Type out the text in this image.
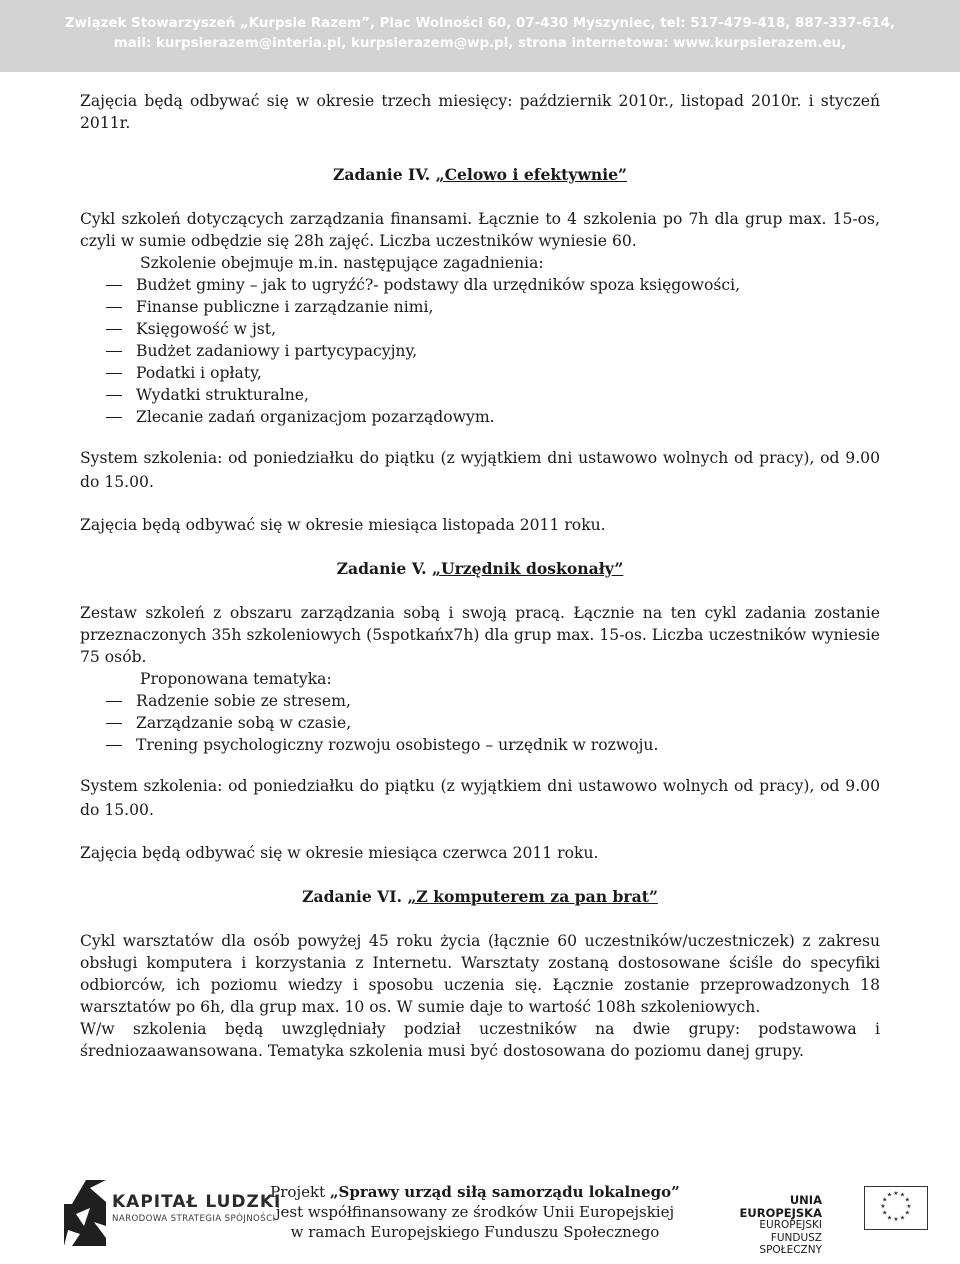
Związek Stowarzyszeń „Kurpsie Razem”, Plac Wolności 60, 07-430 Myszyniec, tel: 517-479-418, 887-337-614,
mail: kurpsierazem@interia.pl, kurpsierazem@wp.pl, strona internetowa: www.kurpsierazem.eu,
Zajęcia będą odbywać się w okresie trzech miesięcy: październik 2010r., listopad 2010r. i styczeń 2011r.
Zadanie IV. „Celowo i efektywnie”
Cykl szkoleń dotyczących zarządzania finansami. Łącznie to 4 szkolenia po 7h dla grup max. 15-os, czyli w sumie odbędzie się 28h zajęć. Liczba uczestników wyniesie 60.
Szkolenie obejmuje m.in. następujące zagadnienia:
Budżet gminy – jak to ugryźć?- podstawy dla urzędników spoza księgowości,
Finanse publiczne i zarządzanie nimi,
Księgowość w jst,
Budżet zadaniowy i partycypacyjny,
Podatki i opłaty,
Wydatki strukturalne,
Zlecanie zadań organizacjom pozarządowym.
System szkolenia: od poniedziałku do piątku (z wyjątkiem dni ustawowo wolnych od pracy), od 9.00 do 15.00.
Zajęcia będą odbywać się w okresie miesiąca listopada 2011 roku.
Zadanie V. „Urzędnik doskonały”
Zestaw szkoleń z obszaru zarządzania sobą i swoją pracą. Łącznie na ten cykl zadania zostanie przeznaczonych 35h szkoleniowych (5spotkańx7h) dla grup max. 15-os. Liczba uczestników wyniesie 75 osób.
Proponowana tematyka:
Radzenie sobie ze stresem,
Zarządzanie sobą w czasie,
Trening psychologiczny rozwoju osobistego – urzędnik w rozwoju.
System szkolenia: od poniedziałku do piątku (z wyjątkiem dni ustawowo wolnych od pracy), od 9.00 do 15.00.
Zajęcia będą odbywać się w okresie miesiąca czerwca 2011 roku.
Zadanie VI. „Z komputerem za pan brat”
Cykl warsztatów dla osób powyżej 45 roku życia (łącznie 60 uczestników/uczestniczek) z zakresu obsługi komputera i korzystania z Internetu. Warsztaty zostaną dostosowane ściśle do specyfiki odbiorców, ich poziomu wiedzy i sposobu uczenia się. Łącznie zostanie przeprowadzonych 18 warsztatów po 6h, dla grup max. 10 os. W sumie daje to wartość 108h szkoleniowych.
W/w szkolenia będą uwzględniały podział uczestników na dwie grupy: podstawowa i średniozaawansowana. Tematyka szkolenia musi być dostosowana do poziomu danej grupy.
KAPITAŁ LUDZKI
NARODOWA STRATEGIA SPÓJNOŚCI
Projekt „Sprawy urząd siłą samorządu lokalnego”
jest współfinansowany ze środków Unii Europejskiej
w ramach Europejskiego Funduszu Społecznego
UNIA EUROPEJSKA
EUROPEJSKI
FUNDUSZ SPOŁECZNY
★ ★
★
★
★
★
★
★
★
★
★
★
